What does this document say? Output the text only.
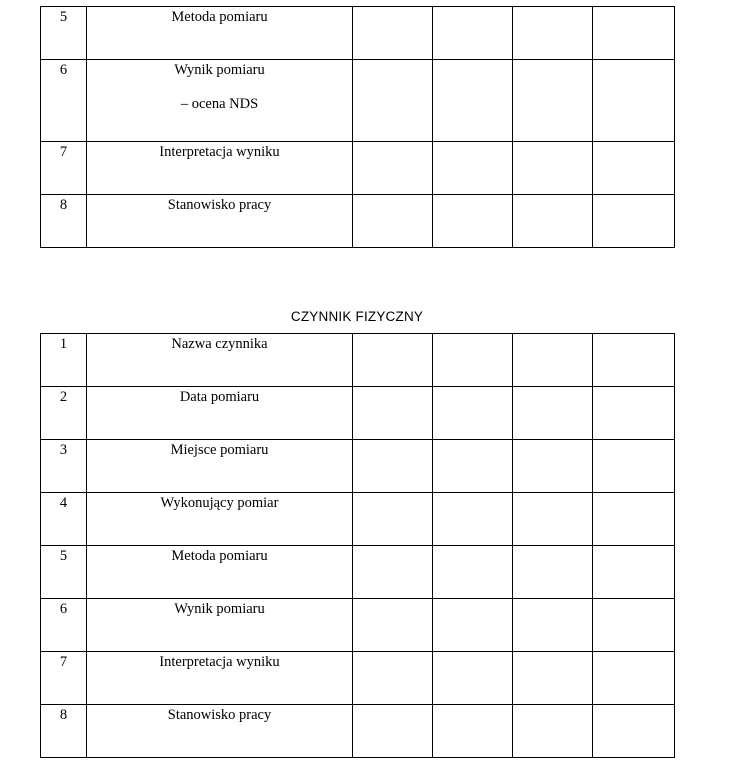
5	Metoda pomiaru				
6	Wynik pomiaru
– ocena NDS				

7	Interpretacja wyniku				
8	Stanowisko pracy				
CZYNNIK FIZYCZNY
1	Nazwa czynnika				
2	Data pomiaru				
3	Miejsce pomiaru				
4	Wykonujący pomiar				
5	Metoda pomiaru				
6	Wynik pomiaru				
7	Interpretacja wyniku				
8	Stanowisko pracy				
